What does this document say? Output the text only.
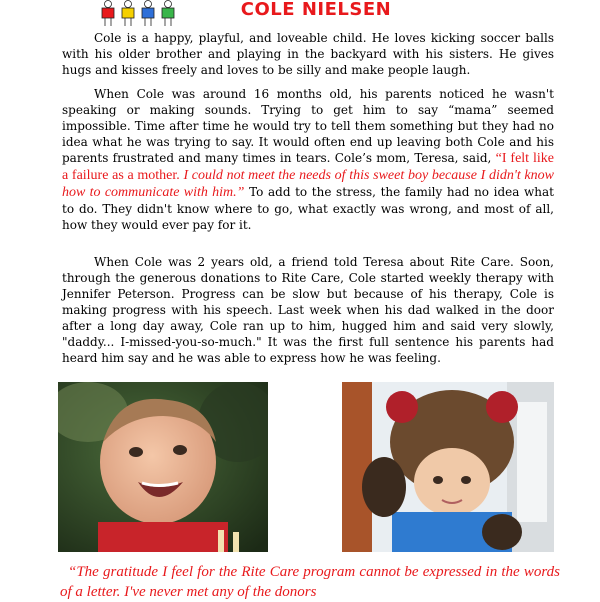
COLE NIELSEN

Cole is a happy, playful, and loveable child. He loves kicking soccer balls with his older brother and playing in the backyard with his sisters. He gives hugs and kisses freely and loves to be silly and make people laugh.

When Cole was around 16 months old, his parents noticed he wasn't speaking or making sounds. Trying to get him to say “mama” seemed impossible. Time after time he would try to tell them something but they had no idea what he was trying to say. It would often end up leaving both Cole and his parents frustrated and many times in tears. Cole’s mom, Teresa, said, “I felt like a failure as a mother. I could not meet the needs of this sweet boy because I didn't know how to communicate with him.” To add to the stress, the family had no idea what to do. They didn't know where to go, what exactly was wrong, and most of all, how they would ever pay for it.

When Cole was 2 years old, a friend told Teresa about Rite Care. Soon, through the generous donations to Rite Care, Cole started weekly therapy with Jennifer Peterson. Progress can be slow but because of his therapy, Cole is making progress with his speech. Last week when his dad walked in the door after a long day away, Cole ran up to him, hugged him and said very slowly, "daddy... I-missed-you-so-much." It was the first full sentence his parents had heard him say and he was able to express how he was feeling.

“The gratitude I feel for the Rite Care program cannot be expressed in the words of a letter. I've never met any of the donors
